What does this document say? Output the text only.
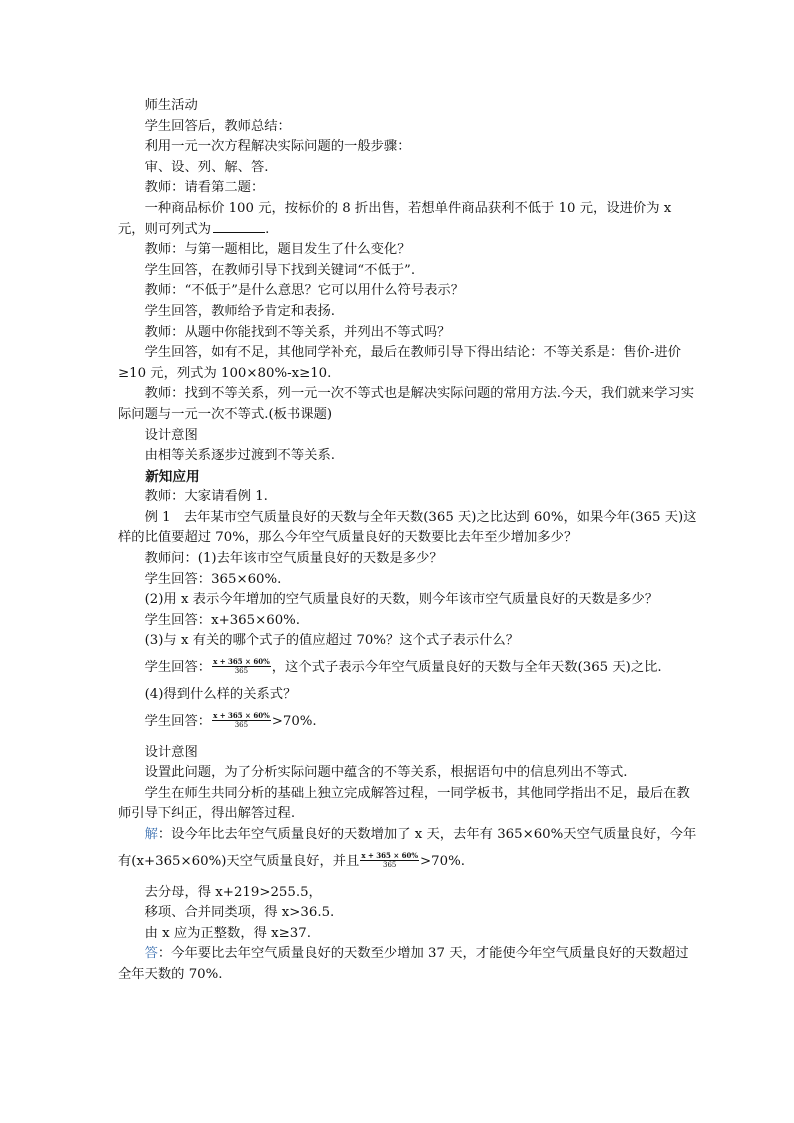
师生活动

学生回答后，教师总结：

利用一元一次方程解决实际问题的一般步骤：

审、设、列、解、答.

教师：请看第二题：

一种商品标价 100 元，按标价的 8 折出售，若想单件商品获利不低于 10 元，设进价为 x 元，则可列式为	.

教师：与第一题相比，题目发生了什么变化？

学生回答，在教师引导下找到关键词“不低于”.

教师：“不低于”是什么意思？它可以用什么符号表示？

学生回答，教师给予肯定和表扬.

教师：从题中你能找到不等关系，并列出不等式吗？

学生回答，如有不足，其他同学补充，最后在教师引导下得出结论：不等关系是：售价-进价≥10 元，列式为 100×80%-x≥10.

教师：找到不等关系，列一元一次不等式也是解决实际问题的常用方法.今天，我们就来学习实际问题与一元一次不等式.(板书课题)

设计意图

由相等关系逐步过渡到不等关系.

新知应用

教师：大家请看例 1.

例 1　去年某市空气质量良好的天数与全年天数(365 天)之比达到 60%，如果今年(365 天)这样的比值要超过 70%，那么今年空气质量良好的天数要比去年至少增加多少？

教师问：(1)去年该市空气质量良好的天数是多少？

学生回答：365×60%.

(2)用 x 表示今年增加的空气质量良好的天数，则今年该市空气质量良好的天数是多少？

学生回答：x+365×60%.

(3)与 x 有关的哪个式子的值应超过 70%？这个式子表示什么？

学生回答： $\frac{x + 365 \times 60\%}{365}$ ，这个式子表示今年空气质量良好的天数与全年天数(365 天)之比.

(4)得到什么样的关系式？

学生回答： $\frac{x + 365 \times 60\%}{365} >70\%$.

设计意图

设置此问题，为了分析实际问题中蕴含的不等关系，根据语句中的信息列出不等式.

学生在师生共同分析的基础上独立完成解答过程，一同学板书，其他同学指出不足，最后在教师引导下纠正，得出解答过程.

解：设今年比去年空气质量良好的天数增加了 x 天，去年有 365×60%天空气质量良好，今年

有(x+365×60%)天空气质量良好，并且 $\frac{x + 365 \times 60\%}{365} >70\%$.

去分母，得 x+219>255.5，

移项、合并同类项，得 x>36.5.

由 x 应为正整数，得 x≥37.

答：今年要比去年空气质量良好的天数至少增加 37 天，才能使今年空气质量良好的天数超过全年天数的 70%.
